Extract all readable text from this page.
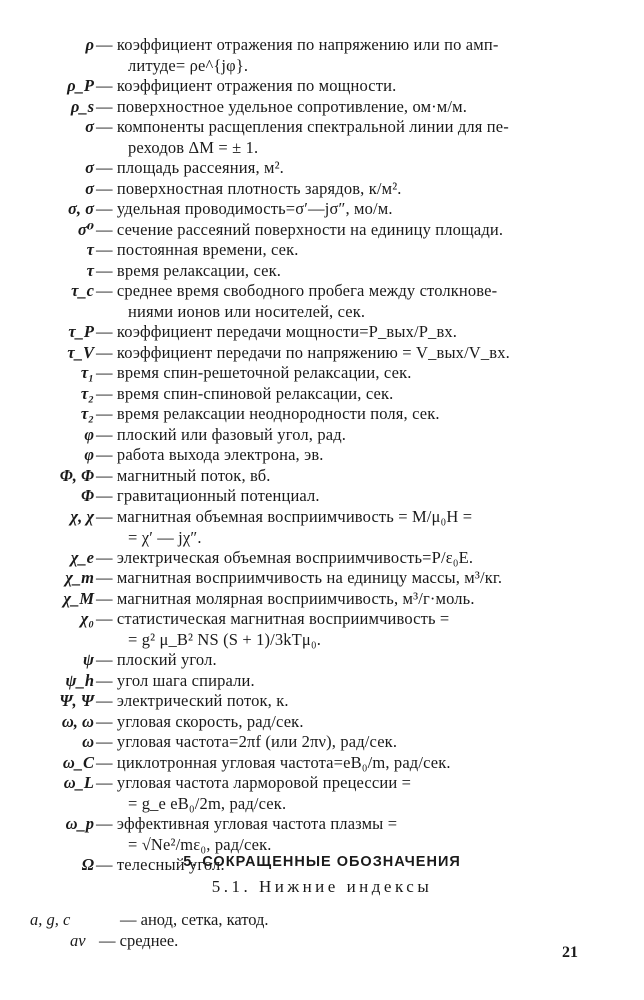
ρ — коэффициент отражения по напряжению или по амп-
литуде= ρe^{jφ}.
ρ_P — коэффициент отражения по мощности.
ρ_s — поверхностное удельное сопротивление, ом·м/м.
σ — компоненты расщепления спектральной линии для пе-
реходов ΔM = ± 1.
σ — площадь рассеяния, м².
σ — поверхностная плотность зарядов, к/м².
σ, σ — удельная проводимость=σ′—jσ″, мо/м.
σ⁰ — сечение рассеяний поверхности на единицу площади.
τ — постоянная времени, сек.
τ — время релаксации, сек.
τ_c — среднее время свободного пробега между столкнове-
ниями ионов или носителей, сек.
τ_P — коэффициент передачи мощности=P_вых/P_вх.
τ_V — коэффициент передачи по напряжению = V_вых/V_вх.
τ₁ — время спин-решеточной релаксации, сек.
τ₂ — время спин-спиновой релаксации, сек.
τ₂ — время релаксации неоднородности поля, сек.
φ — плоский или фазовый угол, рад.
φ — работа выхода электрона, эв.
Φ, Φ — магнитный поток, вб.
Φ — гравитационный потенциал.
χ, χ — магнитная объемная восприимчивость = M/μ₀H =
= χ′ — jχ″.
χ_e — электрическая объемная восприимчивость=P/ε₀E.
χ_m — магнитная восприимчивость на единицу массы, м³/кг.
χ_M — магнитная молярная восприимчивость, м³/г·моль.
χ₀ — статистическая магнитная восприимчивость =
= g² μ_B² NS (S + 1)/3kTμ₀.
ψ — плоский угол.
ψ_h — угол шага спирали.
Ψ, Ψ — электрический поток, к.
ω, ω — угловая скорость, рад/сек.
ω — угловая частота=2πf (или 2πν), рад/сек.
ω_C — циклотронная угловая частота=eB₀/m, рад/сек.
ω_L — угловая частота ларморовой прецессии =
= g_e eB₀/2m, рад/сек.
ω_p — эффективная угловая частота плазмы =
= √Ne²/mε₀, рад/сек.
Ω — телесный угол.
5. СОКРАЩЕННЫЕ ОБОЗНАЧЕНИЯ
5.1. Нижние индексы
a, g, c	— анод, сетка, катод.
av — среднее.
21
